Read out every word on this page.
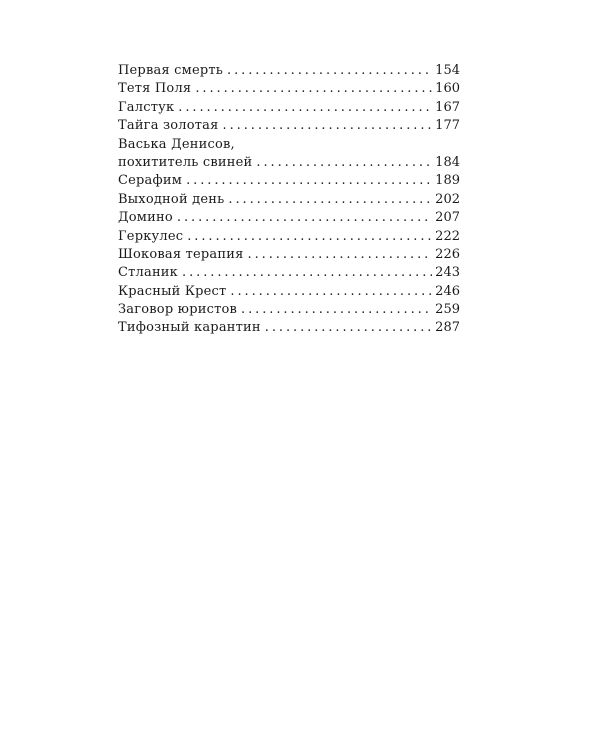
Первая смерть . . .	154
Тетя Поля . . .	160
Галстук . . .	167
Тайга золотая . . .	177
Васька Денисов,
похититель свиней . . .	184
Серафим . . .	189
Выходной день . . .	202
Домино . . .	207
Геркулес . . .	222
Шоковая терапия . . .	226
Стланик . . .	243
Красный Крест . . .	246
Заговор юристов . . .	259
Тифозный карантин . . .	287
